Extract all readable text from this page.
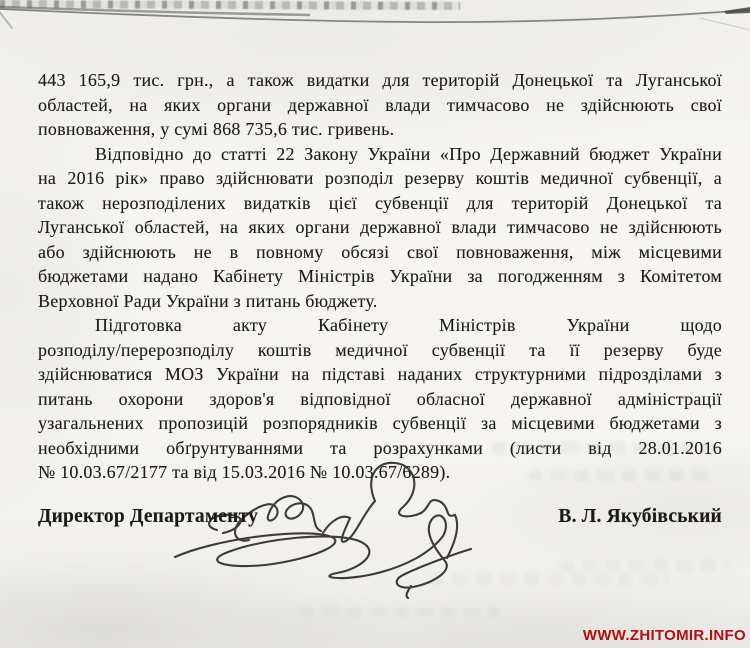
443 165,9 тис. грн., а також видатки для територій Донецької та Луганської
областей, на яких органи державної влади тимчасово не здійснюють свої
повноваження, у сумі 868 735,6 тис. гривень.
Відповідно до статті 22 Закону України «Про Державний бюджет України
на 2016 рік» право здійснювати розподіл резерву коштів медичної субвенції, а
також нерозподілених видатків цієї субвенції для територій Донецької та
Луганської областей, на яких органи державної влади тимчасово не здійснюють
або здійснюють не в повному обсязі свої повноваження, між місцевими
бюджетами надано Кабінету Міністрів України за погодженням з Комітетом
Верховної Ради України з питань бюджету.
Підготовка акту Кабінету Міністрів України щодо
розподілу/перерозподілу коштів медичної субвенції та її резерву буде
здійснюватися МОЗ України на підставі наданих структурними підрозділами з
питань охорони здоров'я відповідної обласної державної адміністрації
узагальнених пропозицій розпорядників субвенції за місцевими бюджетами з
необхідними обґрунтуваннями та розрахунками (листи від 28.01.2016
№ 10.03.67/2177 та від 15.03.2016 № 10.03.67/6289).
Директор Департаменту	В. Л. Якубівський
WWW.ZHITOMIR.INFO
